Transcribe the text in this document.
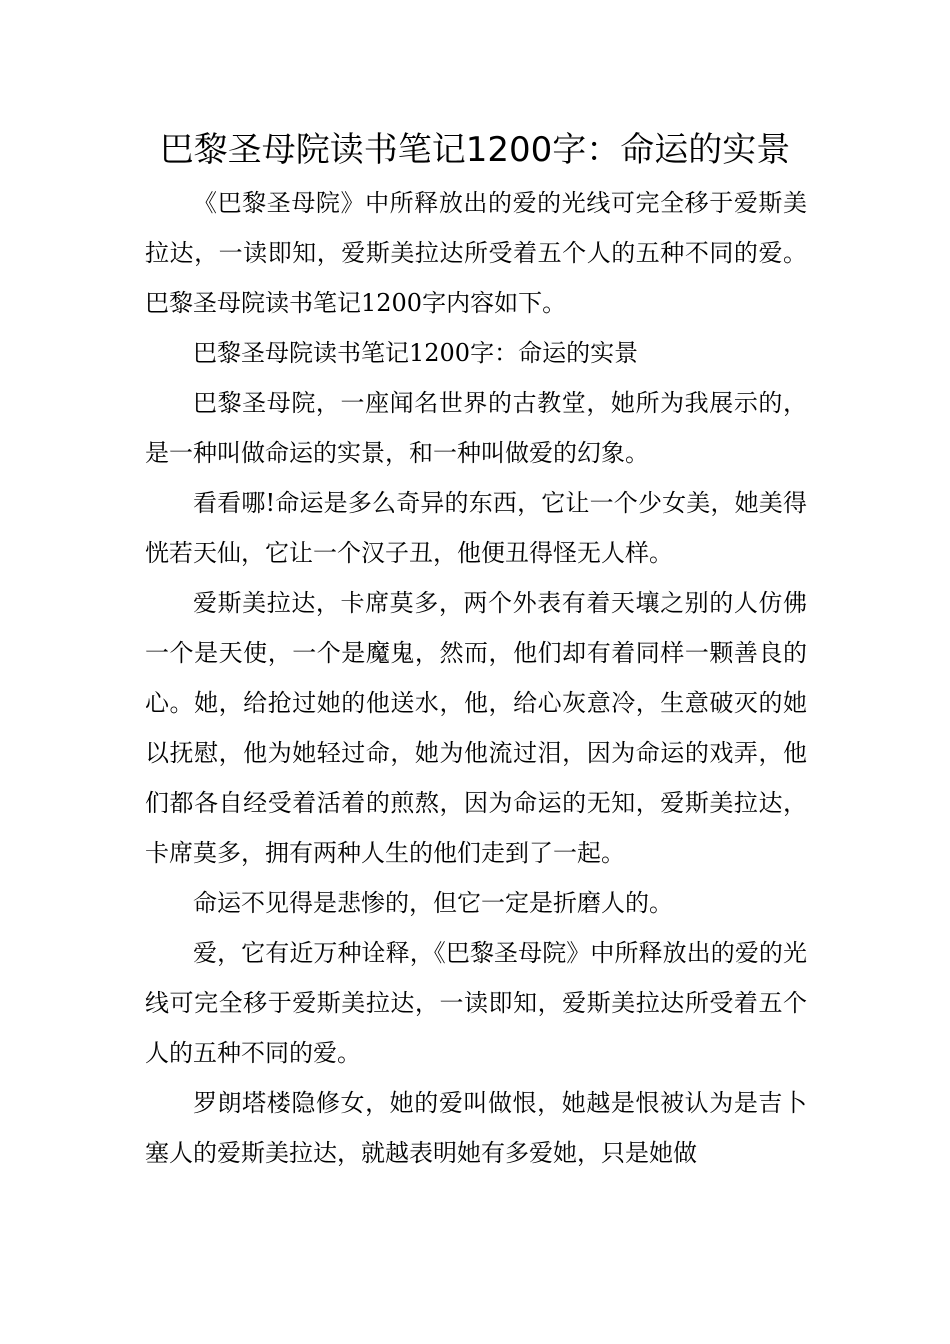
巴黎圣母院读书笔记1200字：命运的实景

《巴黎圣母院》中所释放出的爱的光线可完全移于爱斯美拉达，一读即知，爱斯美拉达所受着五个人的五种不同的爱。巴黎圣母院读书笔记1200字内容如下。

巴黎圣母院读书笔记1200字：命运的实景

巴黎圣母院，一座闻名世界的古教堂，她所为我展示的，是一种叫做命运的实景，和一种叫做爱的幻象。

看看哪!命运是多么奇异的东西，它让一个少女美，她美得恍若天仙，它让一个汉子丑，他便丑得怪无人样。

爱斯美拉达，卡席莫多，两个外表有着天壤之别的人仿佛一个是天使，一个是魔鬼，然而，他们却有着同样一颗善良的心。她，给抢过她的他送水，他，给心灰意冷，生意破灭的她以抚慰，他为她轻过命，她为他流过泪，因为命运的戏弄，他们都各自经受着活着的煎熬，因为命运的无知，爱斯美拉达，卡席莫多，拥有两种人生的他们走到了一起。

命运不见得是悲惨的，但它一定是折磨人的。

爱，它有近万种诠释，《巴黎圣母院》中所释放出的爱的光线可完全移于爱斯美拉达，一读即知，爱斯美拉达所受着五个人的五种不同的爱。

罗朗塔楼隐修女，她的爱叫做恨，她越是恨被认为是吉卜塞人的爱斯美拉达，就越表明她有多爱她，只是她做
